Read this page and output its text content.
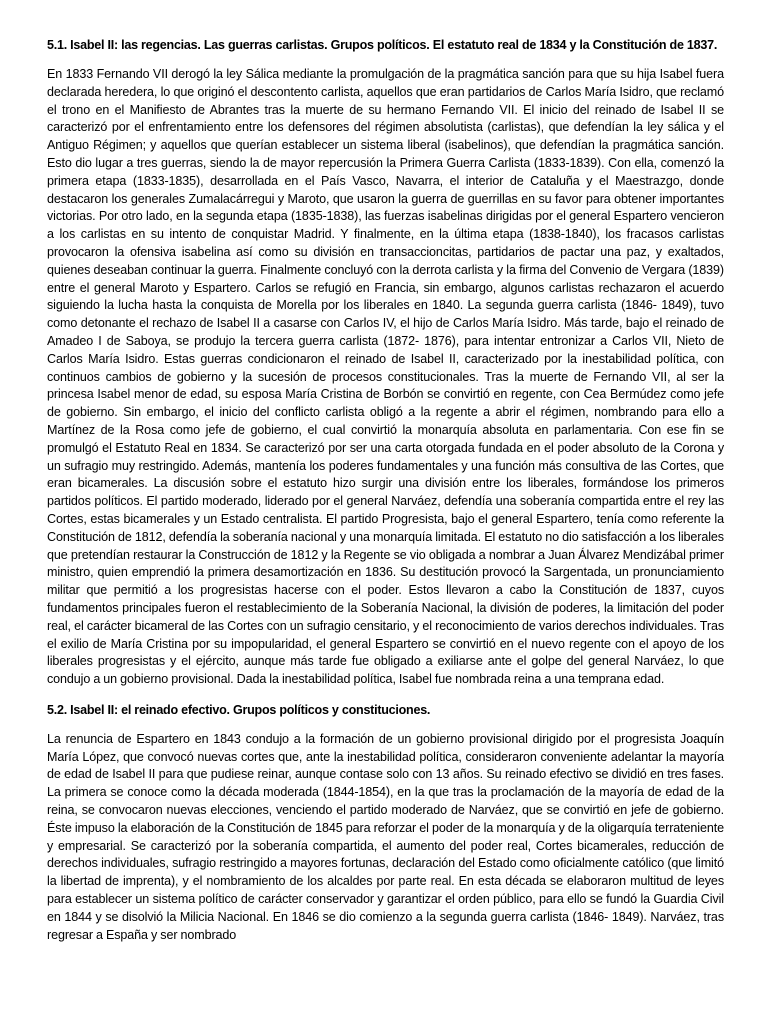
5.1. Isabel II: las regencias. Las guerras carlistas. Grupos políticos. El estatuto real de 1834 y la Constitución de 1837.

En 1833 Fernando VII derogó la ley Sálica mediante la promulgación de la pragmática sanción para que su hija Isabel fuera declarada heredera, lo que originó el descontento carlista, aquellos que eran partidarios de Carlos María Isidro, que reclamó el trono en el Manifiesto de Abrantes tras la muerte de su hermano Fernando VII. El inicio del reinado de Isabel II se caracterizó por el enfrentamiento entre los defensores del régimen absolutista (carlistas), que defendían la ley sálica y el Antiguo Régimen; y aquellos que querían establecer un sistema liberal (isabelinos), que defendían la pragmática sanción. Esto dio lugar a tres guerras, siendo la de mayor repercusión la Primera Guerra Carlista (1833-1839). Con ella, comenzó la primera etapa (1833-1835), desarrollada en el País Vasco, Navarra, el interior de Cataluña y el Maestrazgo, donde destacaron los generales Zumalacárregui y Maroto, que usaron la guerra de guerrillas en su favor para obtener importantes victorias. Por otro lado, en la segunda etapa (1835-1838), las fuerzas isabelinas dirigidas por el general Espartero vencieron a los carlistas en su intento de conquistar Madrid. Y finalmente, en la última etapa (1838-1840), los fracasos carlistas provocaron la ofensiva isabelina así como su división en transaccioncitas, partidarios de pactar una paz, y exaltados, quienes deseaban continuar la guerra. Finalmente concluyó con la derrota carlista y la firma del Convenio de Vergara (1839) entre el general Maroto y Espartero. Carlos se refugió en Francia, sin embargo, algunos carlistas rechazaron el acuerdo siguiendo la lucha hasta la conquista de Morella por los liberales en 1840. La segunda guerra carlista (1846- 1849), tuvo como detonante el rechazo de Isabel II a casarse con Carlos IV, el hijo de Carlos María Isidro. Más tarde, bajo el reinado de Amadeo I de Saboya, se produjo la tercera guerra carlista (1872- 1876), para intentar entronizar a Carlos VII, Nieto de Carlos María Isidro. Estas guerras condicionaron el reinado de Isabel II, caracterizado por la inestabilidad política, con continuos cambios de gobierno y la sucesión de procesos constitucionales. Tras la muerte de Fernando VII, al ser la princesa Isabel menor de edad, su esposa María Cristina de Borbón se convirtió en regente, con Cea Bermúdez como jefe de gobierno. Sin embargo, el inicio del conflicto carlista obligó a la regente a abrir el régimen, nombrando para ello a Martínez de la Rosa como jefe de gobierno, el cual convirtió la monarquía absoluta en parlamentaria. Con ese fin se promulgó el Estatuto Real en 1834. Se caracterizó por ser una carta otorgada fundada en el poder absoluto de la Corona y un sufragio muy restringido. Además, mantenía los poderes fundamentales y una función más consultiva de las Cortes, que eran bicamerales. La discusión sobre el estatuto hizo surgir una división entre los liberales, formándose los primeros partidos políticos. El partido moderado, liderado por el general Narváez, defendía una soberanía compartida entre el rey las Cortes, estas bicamerales y un Estado centralista. El partido Progresista, bajo el general Espartero, tenía como referente la Constitución de 1812, defendía la soberanía nacional y una monarquía limitada. El estatuto no dio satisfacción a los liberales que pretendían restaurar la Construcción de 1812 y la Regente se vio obligada a nombrar a Juan Álvarez Mendizábal primer ministro, quien emprendió la primera desamortización en 1836. Su destitución provocó la Sargentada, un pronunciamiento militar que permitió a los progresistas hacerse con el poder. Estos llevaron a cabo la Constitución de 1837, cuyos fundamentos principales fueron el restablecimiento de la Soberanía Nacional, la división de poderes, la limitación del poder real, el carácter bicameral de las Cortes con un sufragio censitario, y el reconocimiento de varios derechos individuales. Tras el exilio de María Cristina por su impopularidad, el general Espartero se convirtió en el nuevo regente con el apoyo de los liberales progresistas y el ejército, aunque más tarde fue obligado a exiliarse ante el golpe del general Narváez, lo que condujo a un gobierno provisional. Dada la inestabilidad política, Isabel fue nombrada reina a una temprana edad.

5.2. Isabel II: el reinado efectivo. Grupos políticos y constituciones.

La renuncia de Espartero en 1843 condujo a la formación de un gobierno provisional dirigido por el progresista Joaquín María López, que convocó nuevas cortes que, ante la inestabilidad política, consideraron conveniente adelantar la mayoría de edad de Isabel II para que pudiese reinar, aunque contase solo con 13 años. Su reinado efectivo se dividió en tres fases. La primera se conoce como la década moderada (1844-1854), en la que tras la proclamación de la mayoría de edad de la reina, se convocaron nuevas elecciones, venciendo el partido moderado de Narváez, que se convirtió en jefe de gobierno. Éste impuso la elaboración de la Constitución de 1845 para reforzar el poder de la monarquía y de la oligarquía terrateniente y empresarial. Se caracterizó por la soberanía compartida, el aumento del poder real, Cortes bicamerales, reducción de derechos individuales, sufragio restringido a mayores fortunas, declaración del Estado como oficialmente católico (que limitó la libertad de imprenta), y el nombramiento de los alcaldes por parte real. En esta década se elaboraron multitud de leyes para establecer un sistema político de carácter conservador y garantizar el orden público, para ello se fundó la Guardia Civil en 1844 y se disolvió la Milicia Nacional. En 1846 se dio comienzo a la segunda guerra carlista (1846- 1849). Narváez, tras regresar a España y ser nombrado
